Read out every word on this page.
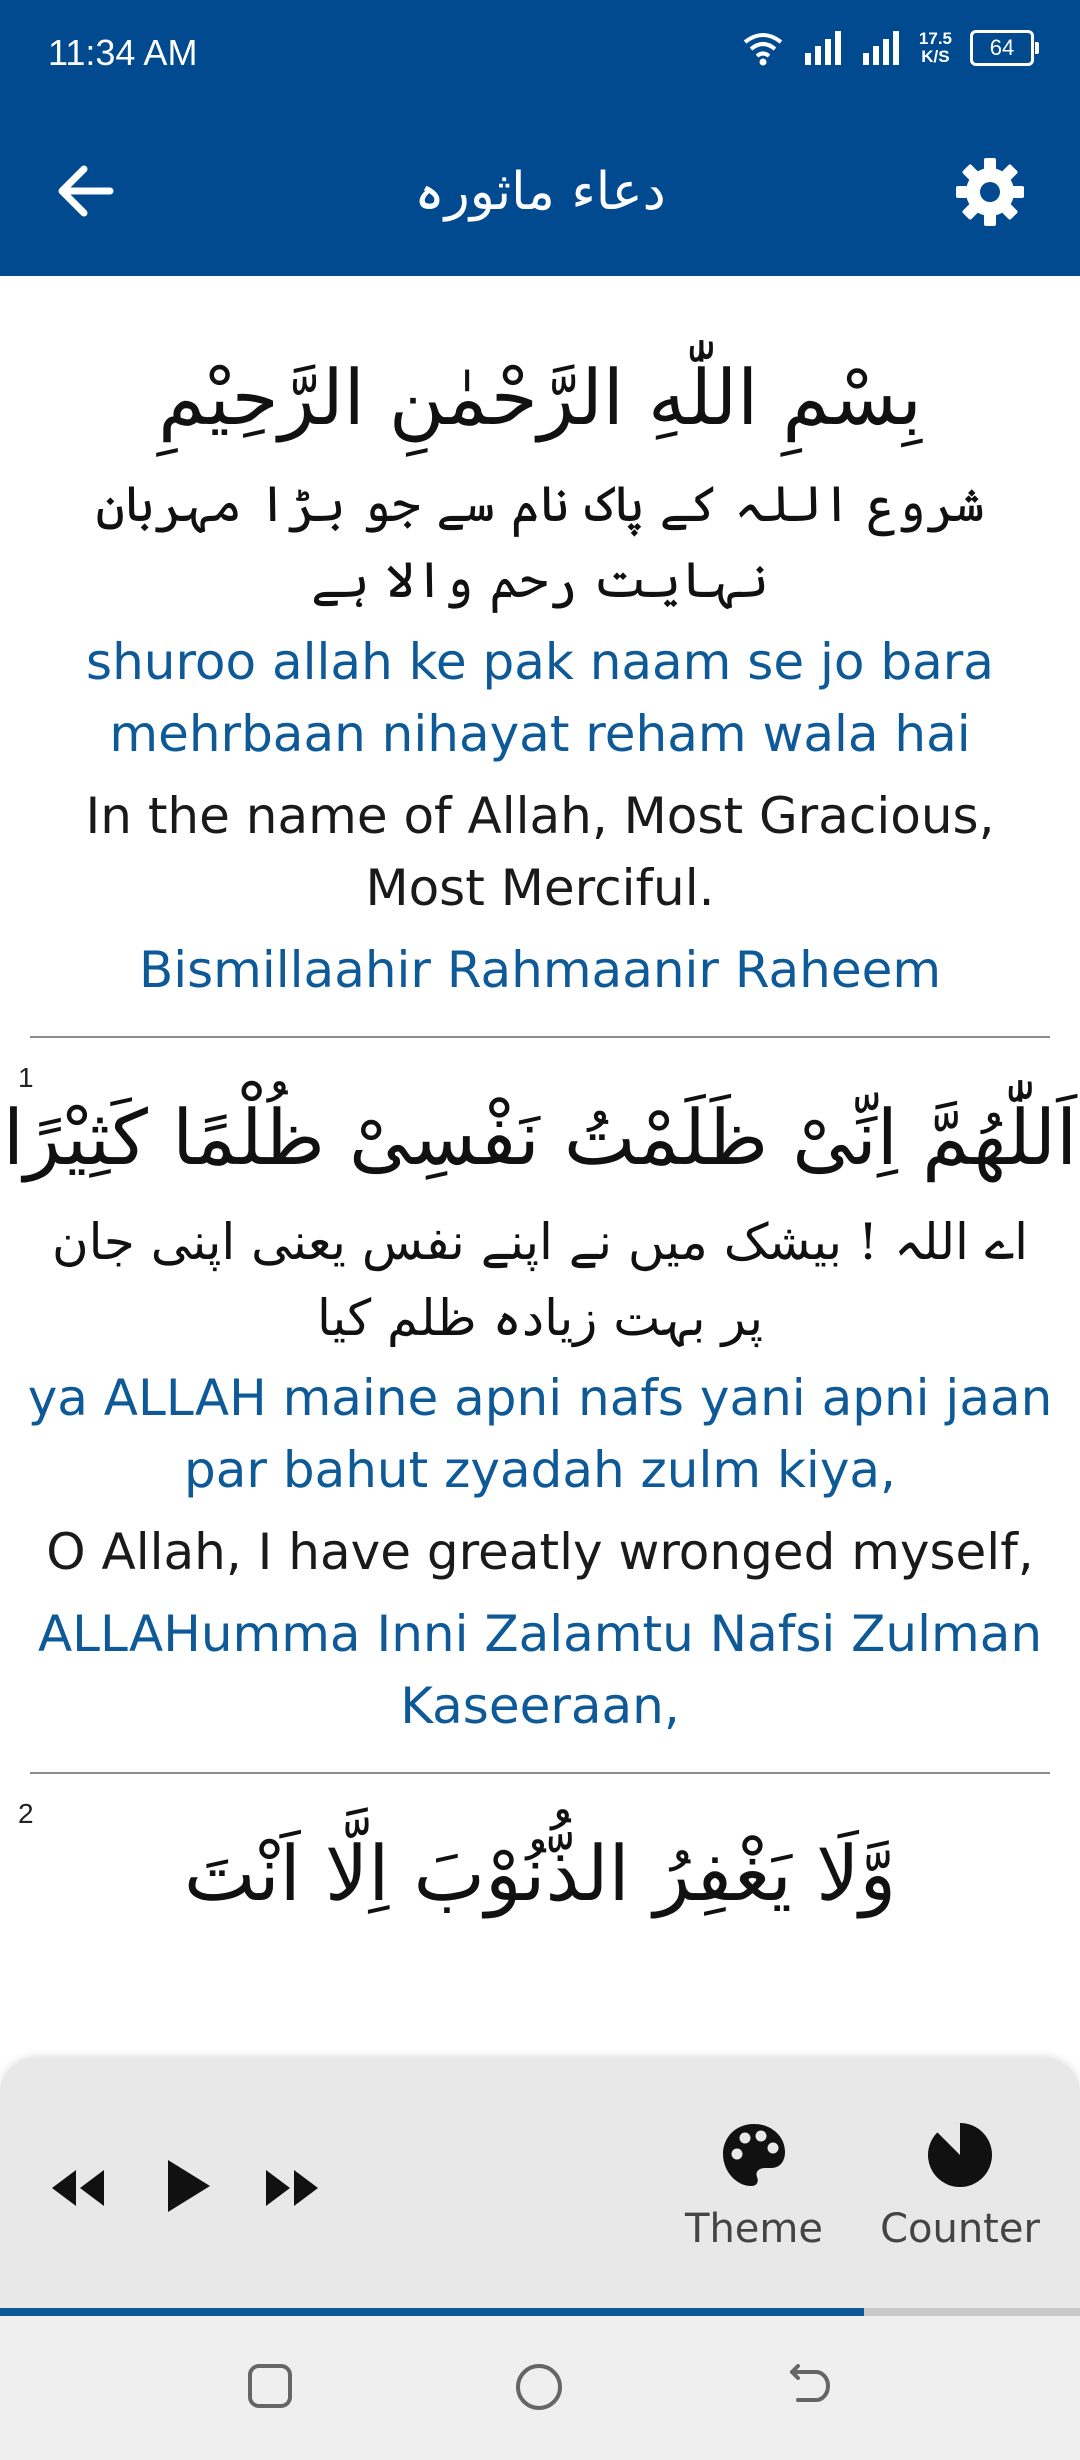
11:34 AM	17.5
K/S	64
دعاء ماثورہ
بِسْمِ اللّٰهِ الرَّحْمٰنِ الرَّحِيْمِ
شروع اللہ کے پاک نام سے جو بڑا مہربان نہایت رحم والا ہے
shuroo allah ke pak naam se jo bara mehrbaan nihayat reham wala hai
In the name of Allah, Most Gracious, Most Merciful.
Bismillaahir Rahmaanir Raheem
1
اَللّٰهُمَّ اِنِّیْ ظَلَمْتُ نَفْسِیْ ظُلْمًا كَثِيْرًا
اے اللہ ! بیشک میں نے اپنے نفس یعنی اپنی جان پر بہت زیادہ ظلم کیا
ya ALLAH maine apni nafs yani apni jaan par bahut zyadah zulm kiya,
O Allah, I have greatly wronged myself,
ALLAHumma Inni Zalamtu Nafsi Zulman Kaseeraan,
2
وَّلَا يَغْفِرُ الذُّنُوْبَ اِلَّا اَنْتَ
Theme Counter
